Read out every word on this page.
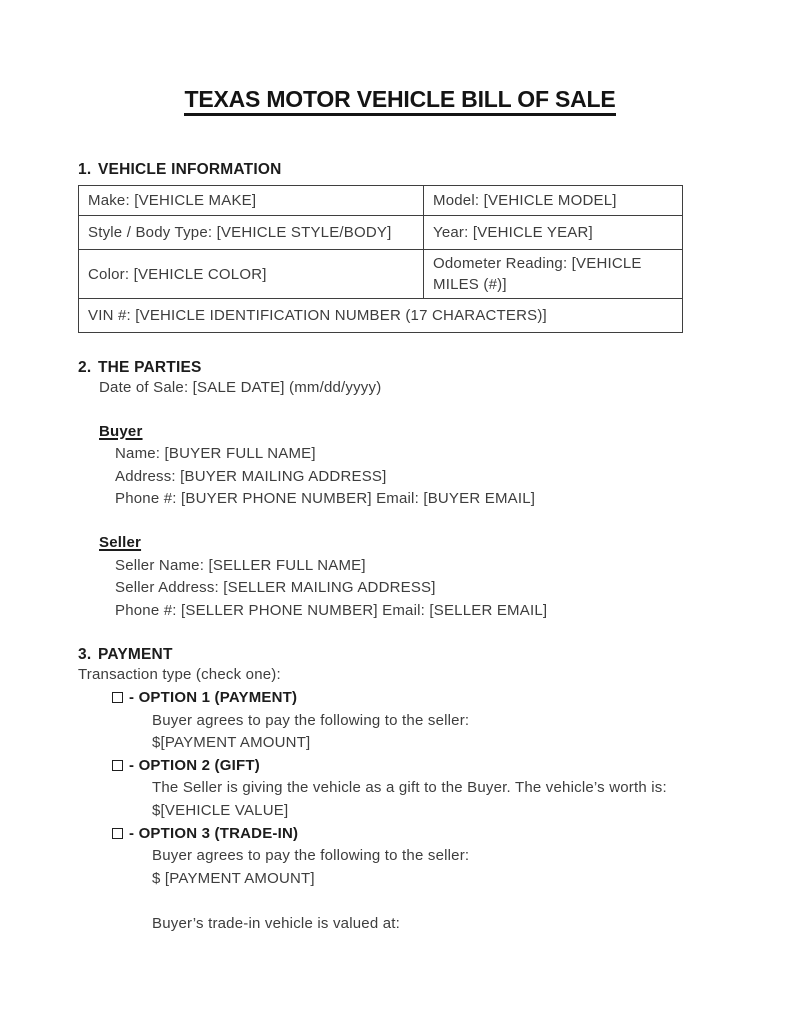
TEXAS MOTOR VEHICLE BILL OF SALE
1. VEHICLE INFORMATION
Make: [VEHICLE MAKE]	Model: [VEHICLE MODEL]
Style / Body Type: [VEHICLE STYLE/BODY]	Year: [VEHICLE YEAR]
Color: [VEHICLE COLOR]	Odometer Reading: [VEHICLE MILES (#)]
VIN #: [VEHICLE IDENTIFICATION NUMBER (17 CHARACTERS)]	
2. THE PARTIES
Date of Sale: [SALE DATE] (mm/dd/yyyy)
Buyer
Name: [BUYER FULL NAME]
Address: [BUYER MAILING ADDRESS]
Phone #: [BUYER PHONE NUMBER] Email: [BUYER EMAIL]
Seller
Seller Name: [SELLER FULL NAME]
Seller Address: [SELLER MAILING ADDRESS]
Phone #: [SELLER PHONE NUMBER] Email: [SELLER EMAIL]
3. PAYMENT
Transaction type (check one):
- OPTION 1 (PAYMENT)
Buyer agrees to pay the following to the seller:
$[PAYMENT AMOUNT]
- OPTION 2 (GIFT)
The Seller is giving the vehicle as a gift to the Buyer. The vehicle’s worth is:
$[VEHICLE VALUE]
- OPTION 3 (TRADE-IN)
Buyer agrees to pay the following to the seller:
$ [PAYMENT AMOUNT]
Buyer’s trade-in vehicle is valued at:
